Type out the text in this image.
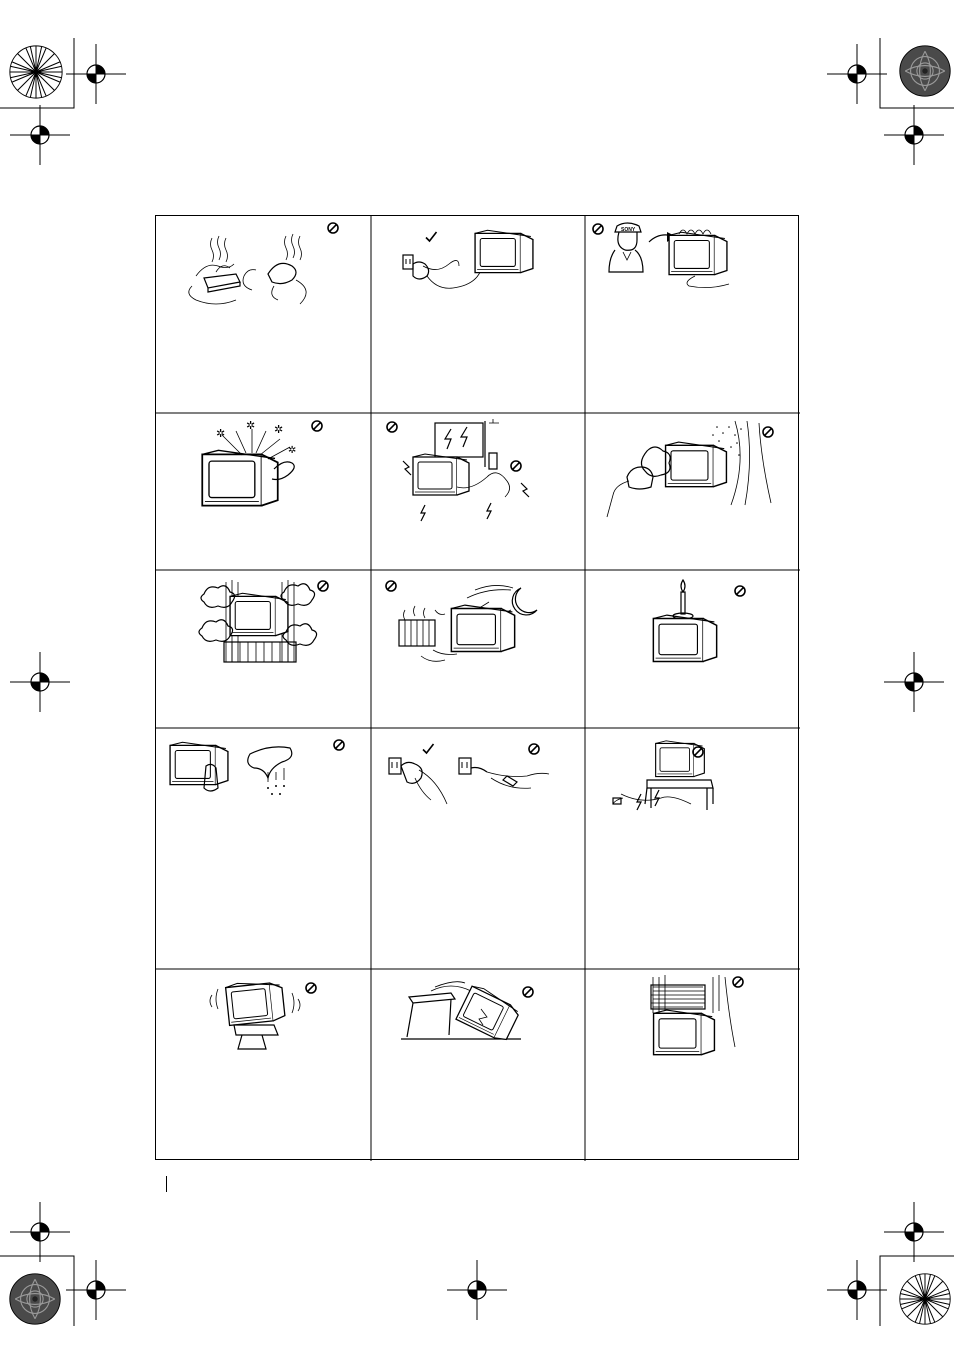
SONY
✲
✲ ✲
✲
